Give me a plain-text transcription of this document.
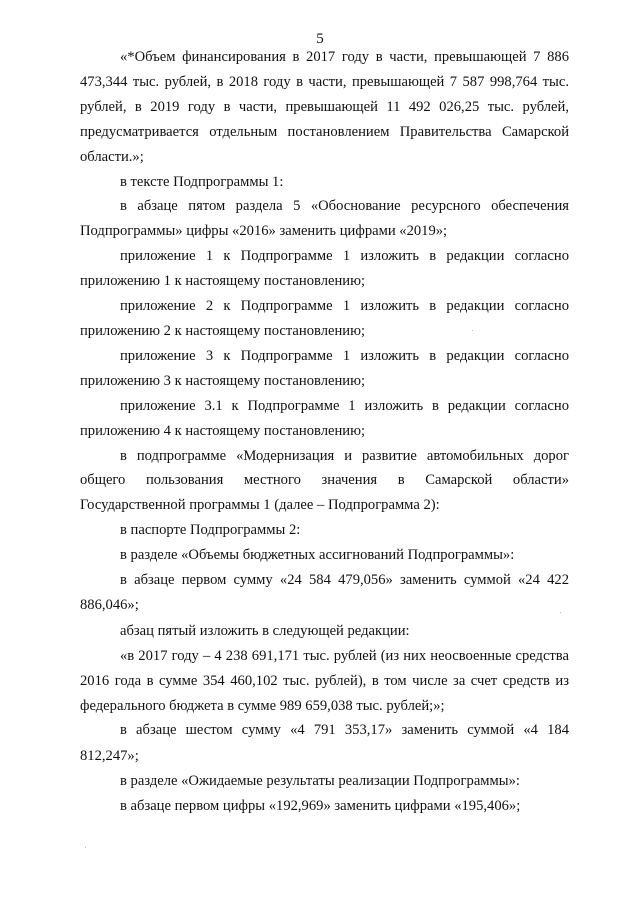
5

«*Объем финансирования в 2017 году в части, превышающей 7 886 473,344 тыс. рублей, в 2018 году в части, превышающей 7 587 998,764 тыс. рублей, в 2019 году в части, превышающей 11 492 026,25 тыс. рублей, предусматривается отдельным постановлением Правительства Самарской области.»;

в тексте Подпрограммы 1:

в абзаце пятом раздела 5 «Обоснование ресурсного обеспечения Подпрограммы» цифры «2016» заменить цифрами «2019»;

приложение 1 к Подпрограмме 1 изложить в редакции согласно приложению 1 к настоящему постановлению;

приложение 2 к Подпрограмме 1 изложить в редакции согласно приложению 2 к настоящему постановлению;

приложение 3 к Подпрограмме 1 изложить в редакции согласно приложению 3 к настоящему постановлению;

приложение 3.1 к Подпрограмме 1 изложить в редакции согласно приложению 4 к настоящему постановлению;

в подпрограмме «Модернизация и развитие автомобильных дорог общего пользования местного значения в Самарской области» Государственной программы 1 (далее – Подпрограмма 2):

в паспорте Подпрограммы 2:

в разделе «Объемы бюджетных ассигнований Подпрограммы»:

в абзаце первом сумму «24 584 479,056» заменить суммой «24 422 886,046»;

абзац пятый изложить в следующей редакции:

«в 2017 году – 4 238 691,171 тыс. рублей (из них неосвоенные средства 2016 года в сумме 354 460,102 тыс. рублей), в том числе за счет средств из федерального бюджета в сумме 989 659,038 тыс. рублей;»;

в абзаце шестом сумму «4 791 353,17» заменить суммой «4 184 812,247»;

в разделе «Ожидаемые результаты реализации Подпрограммы»:

в абзаце первом цифры «192,969» заменить цифрами «195,406»;
